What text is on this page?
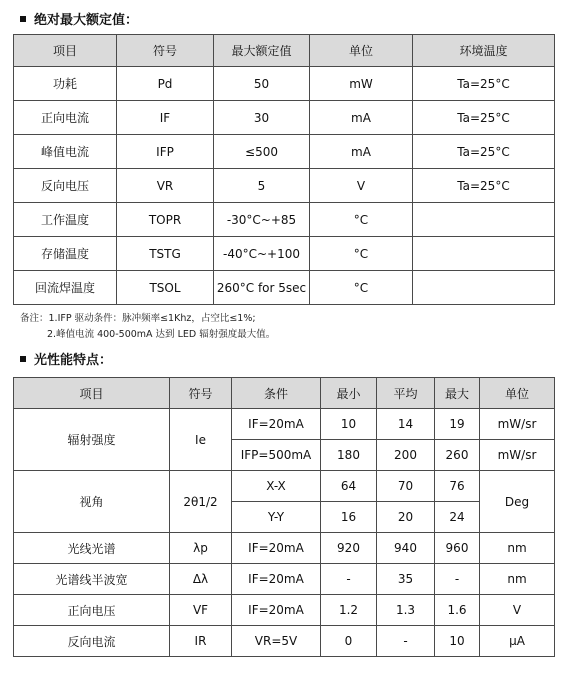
绝对最大额定值：
项目	符号	最大额定值	单位	环境温度
功耗	Pd	50	mW	Ta=25°C
正向电流	IF	30	mA	Ta=25°C
峰值电流	IFP	≤500	mA	Ta=25°C
反向电压	VR	5	V	Ta=25°C
工作温度	TOPR	-30°C~+85	°C	
存储温度	TSTG	-40°C~+100	°C	
回流焊温度	TSOL	260°C for 5sec	°C	
备注：1.IFP 驱动条件：脉冲频率≤1Khz，占空比≤1%;
2.峰值电流 400-500mA 达到 LED 辐射强度最大值。
光性能特点：
项目	符号	条件	最小	平均	最大	单位
辐射强度	Ie	IF=20mA	10	14	19	mW/sr
		IFP=500mA	180	200	260	mW/sr
视角	2θ1/2	X-X	64	70	76	Deg
		Y-Y	16	20	24	
光线光谱	λp	IF=20mA	920	940	960	nm
光谱线半波宽	Δλ	IF=20mA	-	35	-	nm
正向电压	VF	IF=20mA	1.2	1.3	1.6	V
反向电流	IR	VR=5V	0	-	10	μA
